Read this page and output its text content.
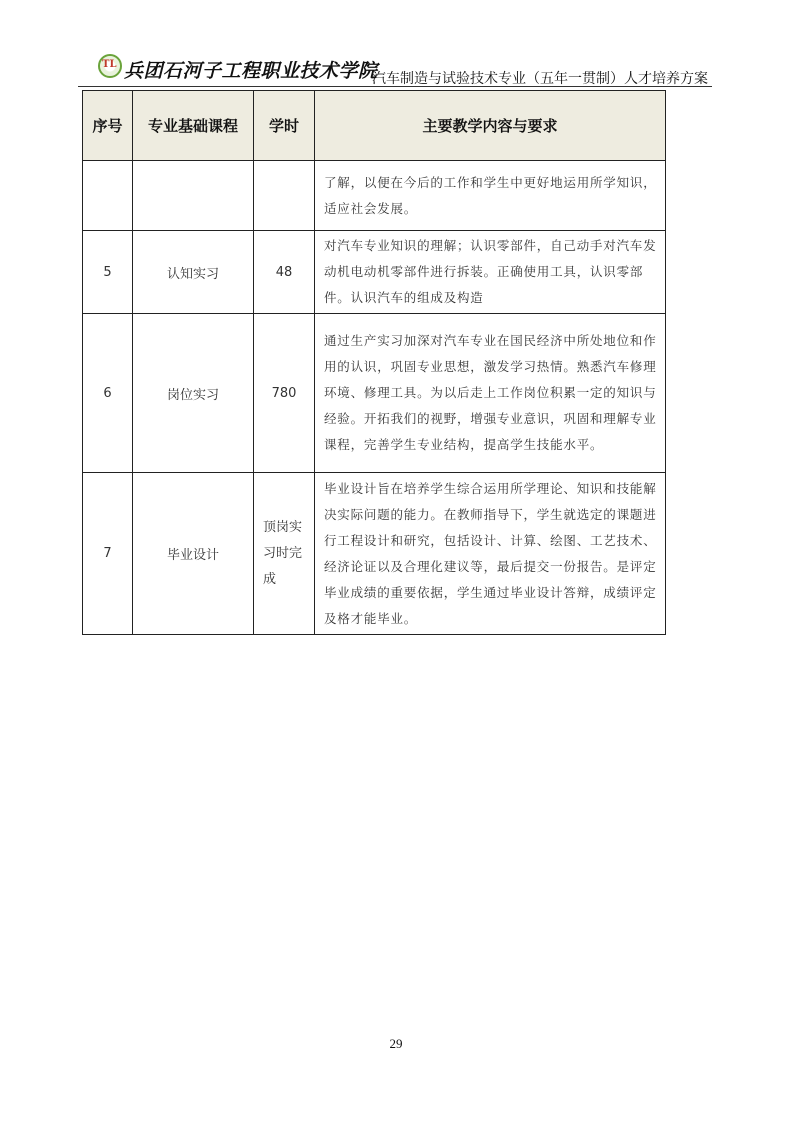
TL
兵团石河子工程职业技术学院
汽车制造与试验技术专业（五年一贯制）人才培养方案
序号	专业基础课程	学时	主要教学内容与要求
			了解，以便在今后的工作和学生中更好地运用所学知识，适应社会发展。
5	认知实习	48	对汽车专业知识的理解；认识零部件，自己动手对汽车发动机电动机零部件进行拆装。正确使用工具，认识零部件。认识汽车的组成及构造
6	岗位实习	780	通过生产实习加深对汽车专业在国民经济中所处地位和作用的认识，巩固专业思想，激发学习热情。熟悉汽车修理环境、修理工具。为以后走上工作岗位积累一定的知识与经验。开拓我们的视野，增强专业意识，巩固和理解专业课程，完善学生专业结构，提高学生技能水平。
7	毕业设计	顶岗实习时完成	毕业设计旨在培养学生综合运用所学理论、知识和技能解决实际问题的能力。在教师指导下，学生就选定的课题进行工程设计和研究，包括设计、计算、绘图、工艺技术、经济论证以及合理化建议等，最后提交一份报告。是评定毕业成绩的重要依据，学生通过毕业设计答辩，成绩评定及格才能毕业。
29
